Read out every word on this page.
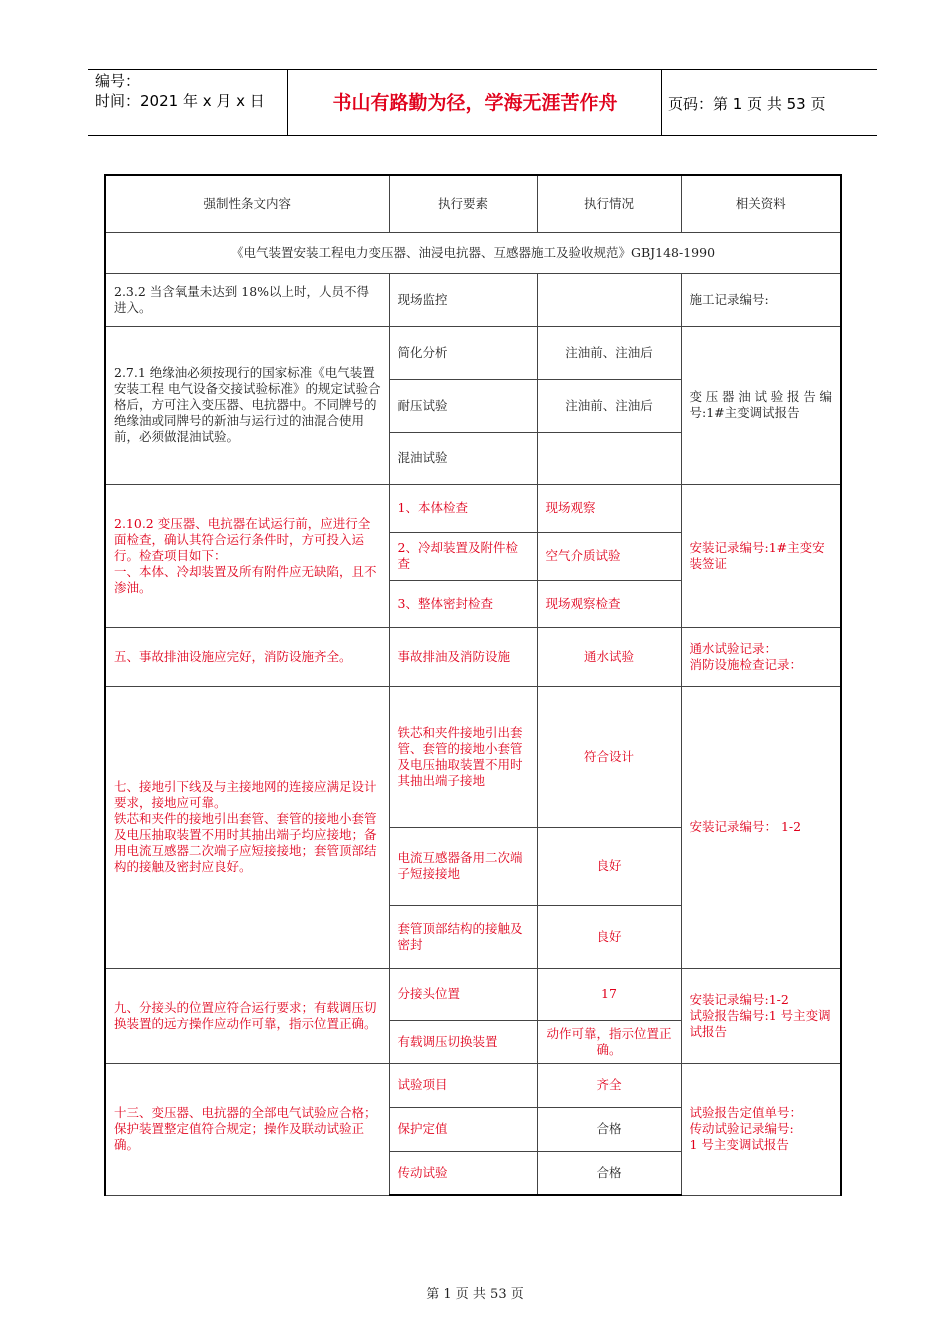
编号：
时间：2021 年 x 月 x 日	书山有路勤为径，学海无涯苦作舟	页码：第 1 页 共 53 页
强制性条文内容	执行要素	执行情况	相关资料
《电气装置安装工程电力变压器、油浸电抗器、互感器施工及验收规范》GBJ148-1990			
2.3.2 当含氧量未达到 18%以上时，人员不得进入。	现场监控		施工记录编号:
2.7.1 绝缘油必须按现行的国家标准《电气装置安装工程 电气设备交接试验标准》的规定试验合格后，方可注入变压器、电抗器中。不同牌号的绝缘油或同牌号的新油与运行过的油混合使用前，必须做混油试验。	简化分析	注油前、注油后	变压器油试验报告编号:1#主变调试报告
	耐压试验	注油前、注油后	
	混油试验		
2.10.2 变压器、电抗器在试运行前，应进行全面检查，确认其符合运行条件时，方可投入运行。检查项目如下：
一、本体、冷却装置及所有附件应无缺陷，且不渗油。	1、本体检查	现场观察	安装记录编号:1#主变安装签证
	2、冷却装置及附件检查	空气介质试验	
	3、整体密封检查	现场观察检查	
五、事故排油设施应完好，消防设施齐全。	事故排油及消防设施	通水试验	通水试验记录：
消防设施检查记录：
七、接地引下线及与主接地网的连接应满足设计要求，接地应可靠。
铁芯和夹件的接地引出套管、套管的接地小套管及电压抽取装置不用时其抽出端子均应接地；备用电流互感器二次端子应短接接地；套管顶部结构的接触及密封应良好。	铁芯和夹件接地引出套管、套管的接地小套管及电压抽取装置不用时其抽出端子接地	符合设计	安装记录编号： 1-2
	电流互感器备用二次端子短接接地	良好	
	套管顶部结构的接触及密封	良好	
九、分接头的位置应符合运行要求；有载调压切换装置的远方操作应动作可靠，指示位置正确。	分接头位置	17	安装记录编号:1-2
试验报告编号:1 号主变调试报告
	有载调压切换装置	动作可靠，指示位置正确。	
十三、变压器、电抗器的全部电气试验应合格；保护装置整定值符合规定；操作及联动试验正确。	试验项目	齐全	试验报告定值单号：
传动试验记录编号:
1 号主变调试报告
	保护定值	合格	
	传动试验	合格	
第 1 页 共 53 页
